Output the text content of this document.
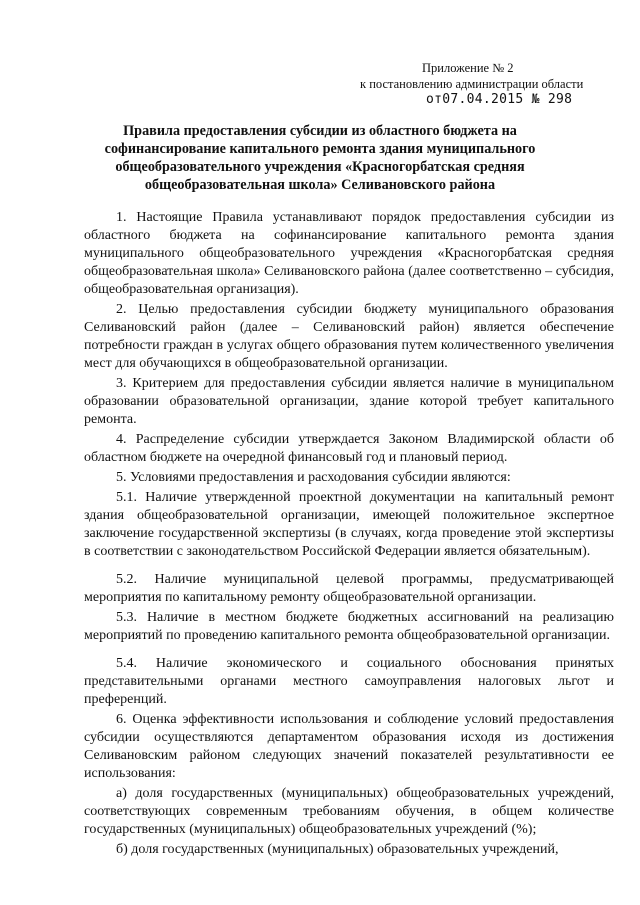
Приложение № 2
к постановлению администрации области
от07.04.2015 № 298
Правила предоставления субсидии из областного бюджета на софинансирование капитального ремонта здания муниципального общеобразовательного учреждения «Красногорбатская средняя общеобразовательная школа» Селивановского района

1. Настоящие Правила устанавливают порядок предоставления субсидии из областного бюджета на софинансирование капитального ремонта здания муниципального общеобразовательного учреждения «Красногорбатская средняя общеобразовательная школа» Селивановского района (далее соответственно – субсидия, общеобразовательная организация).

2. Целью предоставления субсидии бюджету муниципального образования Селивановский район (далее – Селивановский район) является обеспечение потребности граждан в услугах общего образования путем количественного увеличения мест для обучающихся в общеобразовательной организации.

3. Критерием для предоставления субсидии является наличие в муниципальном образовании образовательной организации, здание которой требует капитального ремонта.

4. Распределение субсидии утверждается Законом Владимирской области об областном бюджете на очередной финансовый год и плановый период.

5. Условиями предоставления и расходования субсидии являются:

5.1. Наличие утвержденной проектной документации на капитальный ремонт здания общеобразовательной организации, имеющей положительное экспертное заключение государственной экспертизы (в случаях, когда проведение этой экспертизы в соответствии с законодательством Российской Федерации является обязательным).

5.2. Наличие муниципальной целевой программы, предусматривающей мероприятия по капитальному ремонту общеобразовательной организации.

5.3. Наличие в местном бюджете бюджетных ассигнований на реализацию мероприятий по проведению капитального ремонта общеобразовательной организации.

5.4. Наличие экономического и социального обоснования принятых представительными органами местного самоуправления налоговых льгот и преференций.

6. Оценка эффективности использования и соблюдение условий предоставления субсидии осуществляются департаментом образования исходя из достижения Селивановским районом следующих значений показателей результативности ее использования:

а) доля государственных (муниципальных) общеобразовательных учреждений, соответствующих современным требованиям обучения, в общем количестве государственных (муниципальных) общеобразовательных учреждений (%);

б) доля государственных (муниципальных) образовательных учреждений,
